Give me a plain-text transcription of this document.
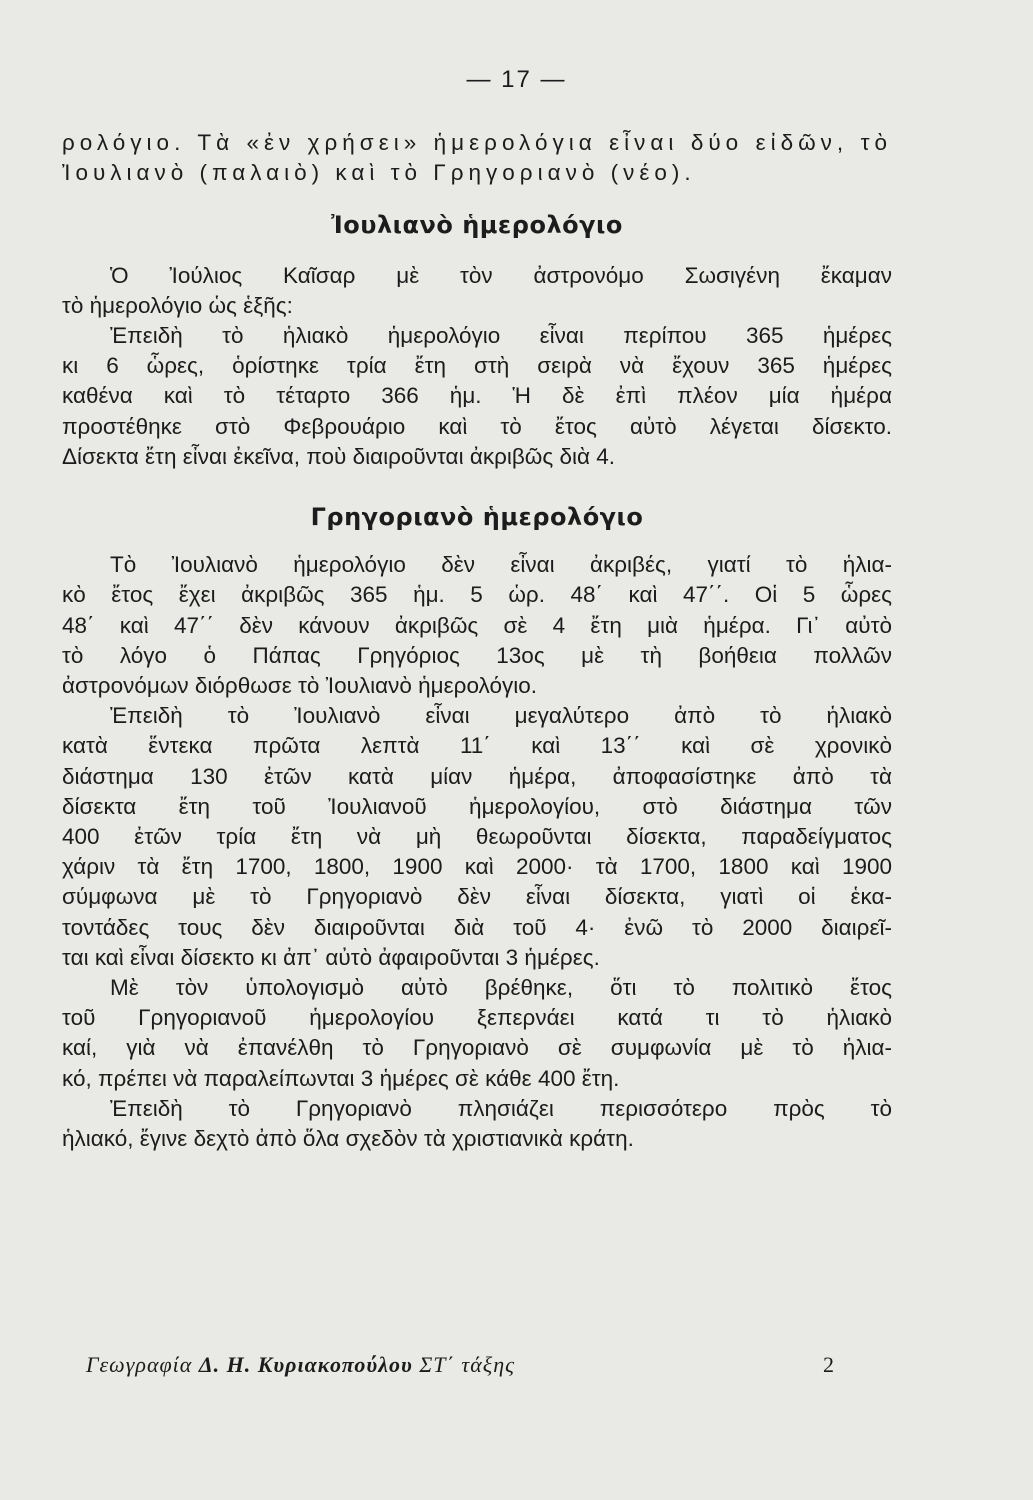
— 17 —
ρολόγιο. Τὰ «ἐν χρήσει» ἡμερολόγια εἶναι δύο εἰδῶν, τὸ
Ἰουλιανὸ (παλαιὸ) καὶ τὸ Γρηγοριανὸ (νέο).
Ἰουλιανὸ ἡμερολόγιο
Ὁ Ἰούλιος Καῖσαρ μὲ τὸν ἀστρονόμο Σωσιγένη ἔκαμαν
τὸ ἡμερολόγιο ὡς ἑξῆς:
Ἐπειδὴ τὸ ἡλιακὸ ἡμερολόγιο εἶναι περίπου 365 ἡμέρες
κι 6 ὧρες, ὁρίστηκε τρία ἔτη στὴ σειρὰ νὰ ἔχουν 365 ἡμέρες
καθένα καὶ τὸ τέταρτο 366 ἡμ. Ἡ δὲ ἐπὶ πλέον μία ἡμέρα
προστέθηκε στὸ Φεβρουάριο καὶ τὸ ἔτος αὐτὸ λέγεται δίσεκτο.
Δίσεκτα ἔτη εἶναι ἐκεῖνα, ποὺ διαιροῦνται ἀκριβῶς διὰ 4.
Γρηγοριανὸ ἡμερολόγιο
Τὸ Ἰουλιανὸ ἡμερολόγιο δὲν εἶναι ἀκριβές, γιατί τὸ ἡλια-
κὸ ἔτος ἔχει ἀκριβῶς 365 ἡμ. 5 ὡρ. 48΄ καὶ 47΄΄. Οἱ 5 ὧρες
48΄ καὶ 47΄΄ δὲν κάνουν ἀκριβῶς σὲ 4 ἔτη μιὰ ἡμέρα. Γι᾽ αὐτὸ
τὸ λόγο ὁ Πάπας Γρηγόριος 13ος μὲ τὴ βοήθεια πολλῶν
ἀστρονόμων διόρθωσε τὸ Ἰουλιανὸ ἡμερολόγιο.
Ἐπειδὴ τὸ Ἰουλιανὸ εἶναι μεγαλύτερο ἀπὸ τὸ ἡλιακὸ
κατὰ ἕντεκα πρῶτα λεπτὰ 11΄ καὶ 13΄΄ καὶ σὲ χρονικὸ
διάστημα 130 ἐτῶν κατὰ μίαν ἡμέρα, ἀποφασίστηκε ἀπὸ τὰ
δίσεκτα ἔτη τοῦ Ἰουλιανοῦ ἡμερολογίου, στὸ διάστημα τῶν
400 ἐτῶν τρία ἔτη νὰ μὴ θεωροῦνται δίσεκτα, παραδείγματος
χάριν τὰ ἔτη 1700, 1800, 1900 καὶ 2000· τὰ 1700, 1800 καὶ 1900
σύμφωνα μὲ τὸ Γρηγοριανὸ δὲν εἶναι δίσεκτα, γιατὶ οἱ ἑκα-
τοντάδες τους δὲν διαιροῦνται διὰ τοῦ 4· ἐνῶ τὸ 2000 διαιρεῖ-
ται καὶ εἶναι δίσεκτο κι ἀπ᾽ αὐτὸ ἀφαιροῦνται 3 ἡμέρες.
Μὲ τὸν ὑπολογισμὸ αὐτὸ βρέθηκε, ὅτι τὸ πολιτικὸ ἔτος
τοῦ Γρηγοριανοῦ ἡμερολογίου ξεπερνάει κατά τι τὸ ἡλιακὸ
καί, γιὰ νὰ ἐπανέλθη τὸ Γρηγοριανὸ σὲ συμφωνία μὲ τὸ ἡλια-
κό, πρέπει νὰ παραλείπωνται 3 ἡμέρες σὲ κάθε 400 ἔτη.
Ἐπειδὴ τὸ Γρηγοριανὸ πλησιάζει περισσότερο πρὸς τὸ
ἡλιακό, ἔγινε δεχτὸ ἀπὸ ὅλα σχεδὸν τὰ χριστιανικὰ κράτη.
Γεωγραφία Δ. Η. Κυριακοπούλου ΣΤ΄ τάξης	2
